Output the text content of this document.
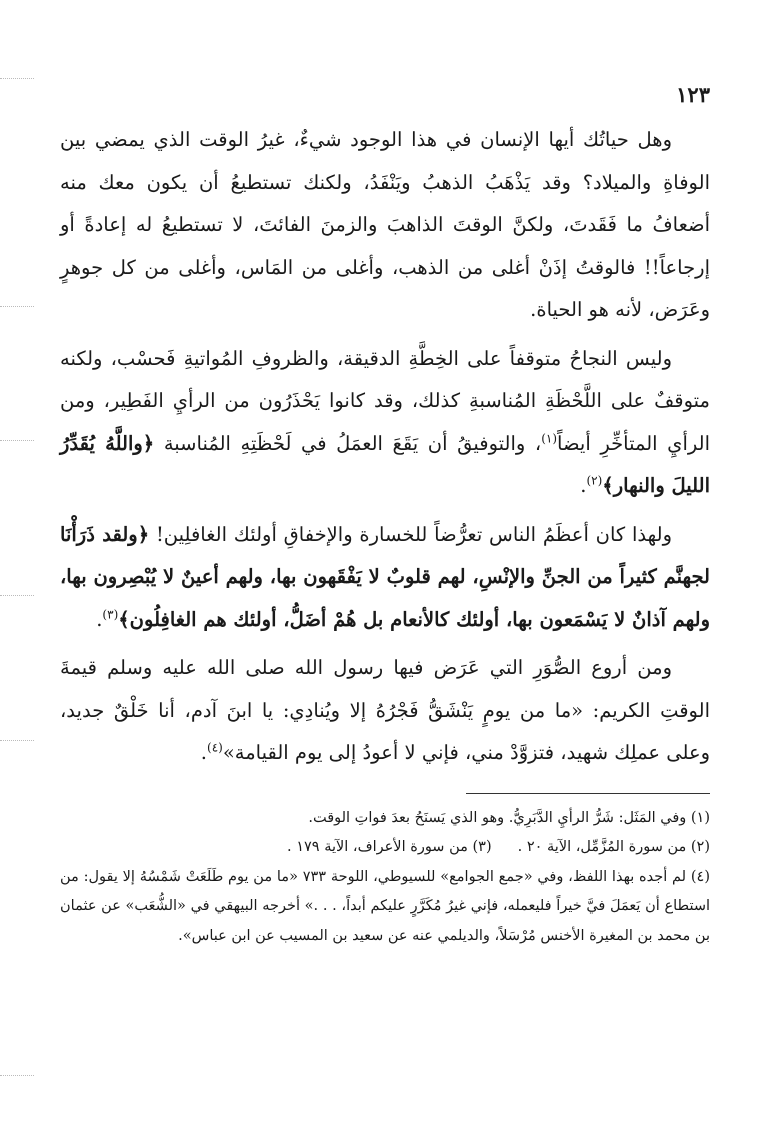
١٢٣

وهل حياتُك أيها الإنسان في هذا الوجود شيءٌ، غيرُ الوقت الذي يمضي بين الوفاةِ والميلاد؟ وقد يَذْهَبُ الذهبُ ويَنْفَدُ، ولكنك تستطيعُ أن يكون معك منه أضعافُ ما فَقَدتَ، ولكنَّ الوقتَ الذاهبَ والزمنَ الفائتَ، لا تستطيعُ له إعادةً أو إرجاعاً!! فالوقتُ إذَنْ أغلى من الذهب، وأغلى من المَاس، وأغلى من كل جوهرٍ وعَرَض، لأنه هو الحياة.

وليس النجاحُ متوقفاً على الخِطَّةِ الدقيقة، والظروفِ المُواتيةِ فَحسْب، ولكنه متوقفٌ على اللَّحْظَةِ المُناسبةِ كذلك، وقد كانوا يَحْذَرُون من الرأيِ الفَطِير، ومن الرأيِ المتأخِّرِ أيضاً$^{(١)}$، والتوفيقُ أن يَقَعَ العمَلُ في لَحْظَتِهِ المُناسبة ﴿واللَّهُ يُقَدِّرُ الليلَ والنهار﴾$^{(٢)}$.

ولهذا كان أعظَمُ الناس تعرُّضاً للخسارة والإخفاقِ أولئك الغافلِين! ﴿ولقد ذَرَأْنَا لجهنَّم كثيراً من الجنِّ والإنْسِ، لهم قلوبٌ لا يَفْقَهون بها، ولهم أعينٌ لا يُبْصِرون بها، ولهم آذانٌ لا يَسْمَعون بها، أولئك كالأنعام بل هُمْ أضَلُّ، أولئك هم الغافِلُون﴾$^{(٣)}$.

ومن أروع الصُّوَرِ التي عَرَض فيها رسول الله صلى الله عليه وسلم قيمةَ الوقتِ الكريم: «ما من يومٍ يَنْشَقُّ فَجْرُهُ إلا ويُنادِي: يا ابنَ آدم، أنا خَلْقٌ جديد، وعلى عملِك شهيد، فتزوَّدْ مني، فإني لا أعودُ إلى يوم القيامة»$^{(٤)}$.

(١) وفي المَثَل: شَرُّ الرأيِ الدَّبَرِيُّ. وهو الذي يَسنَحُ بعدَ فواتِ الوقت.

(٢) من سورة المُزَّمِّل، الآية ٢٠ .
(٣) من سورة الأعراف، الآية ١٧٩ .

(٤) لم أجده بهذا اللفظ، وفي «جمع الجوامع» للسيوطي، اللوحة ٧٣٣ «ما من يوم طَلَعَتْ شَمْسُهُ إلا يقول: من استطاع أن يَعمَلَ فيَّ خيراً فليعمله، فإني غيرُ مُكَرَّرٍ عليكم أبداً، . . .» أخرجه البيهقي في «الشُّعَب» عن عثمان بن محمد بن المغيرة الأخنس مُرْسَلاً، والديلمي عنه عن سعيد بن المسيب عن ابن عباس».
